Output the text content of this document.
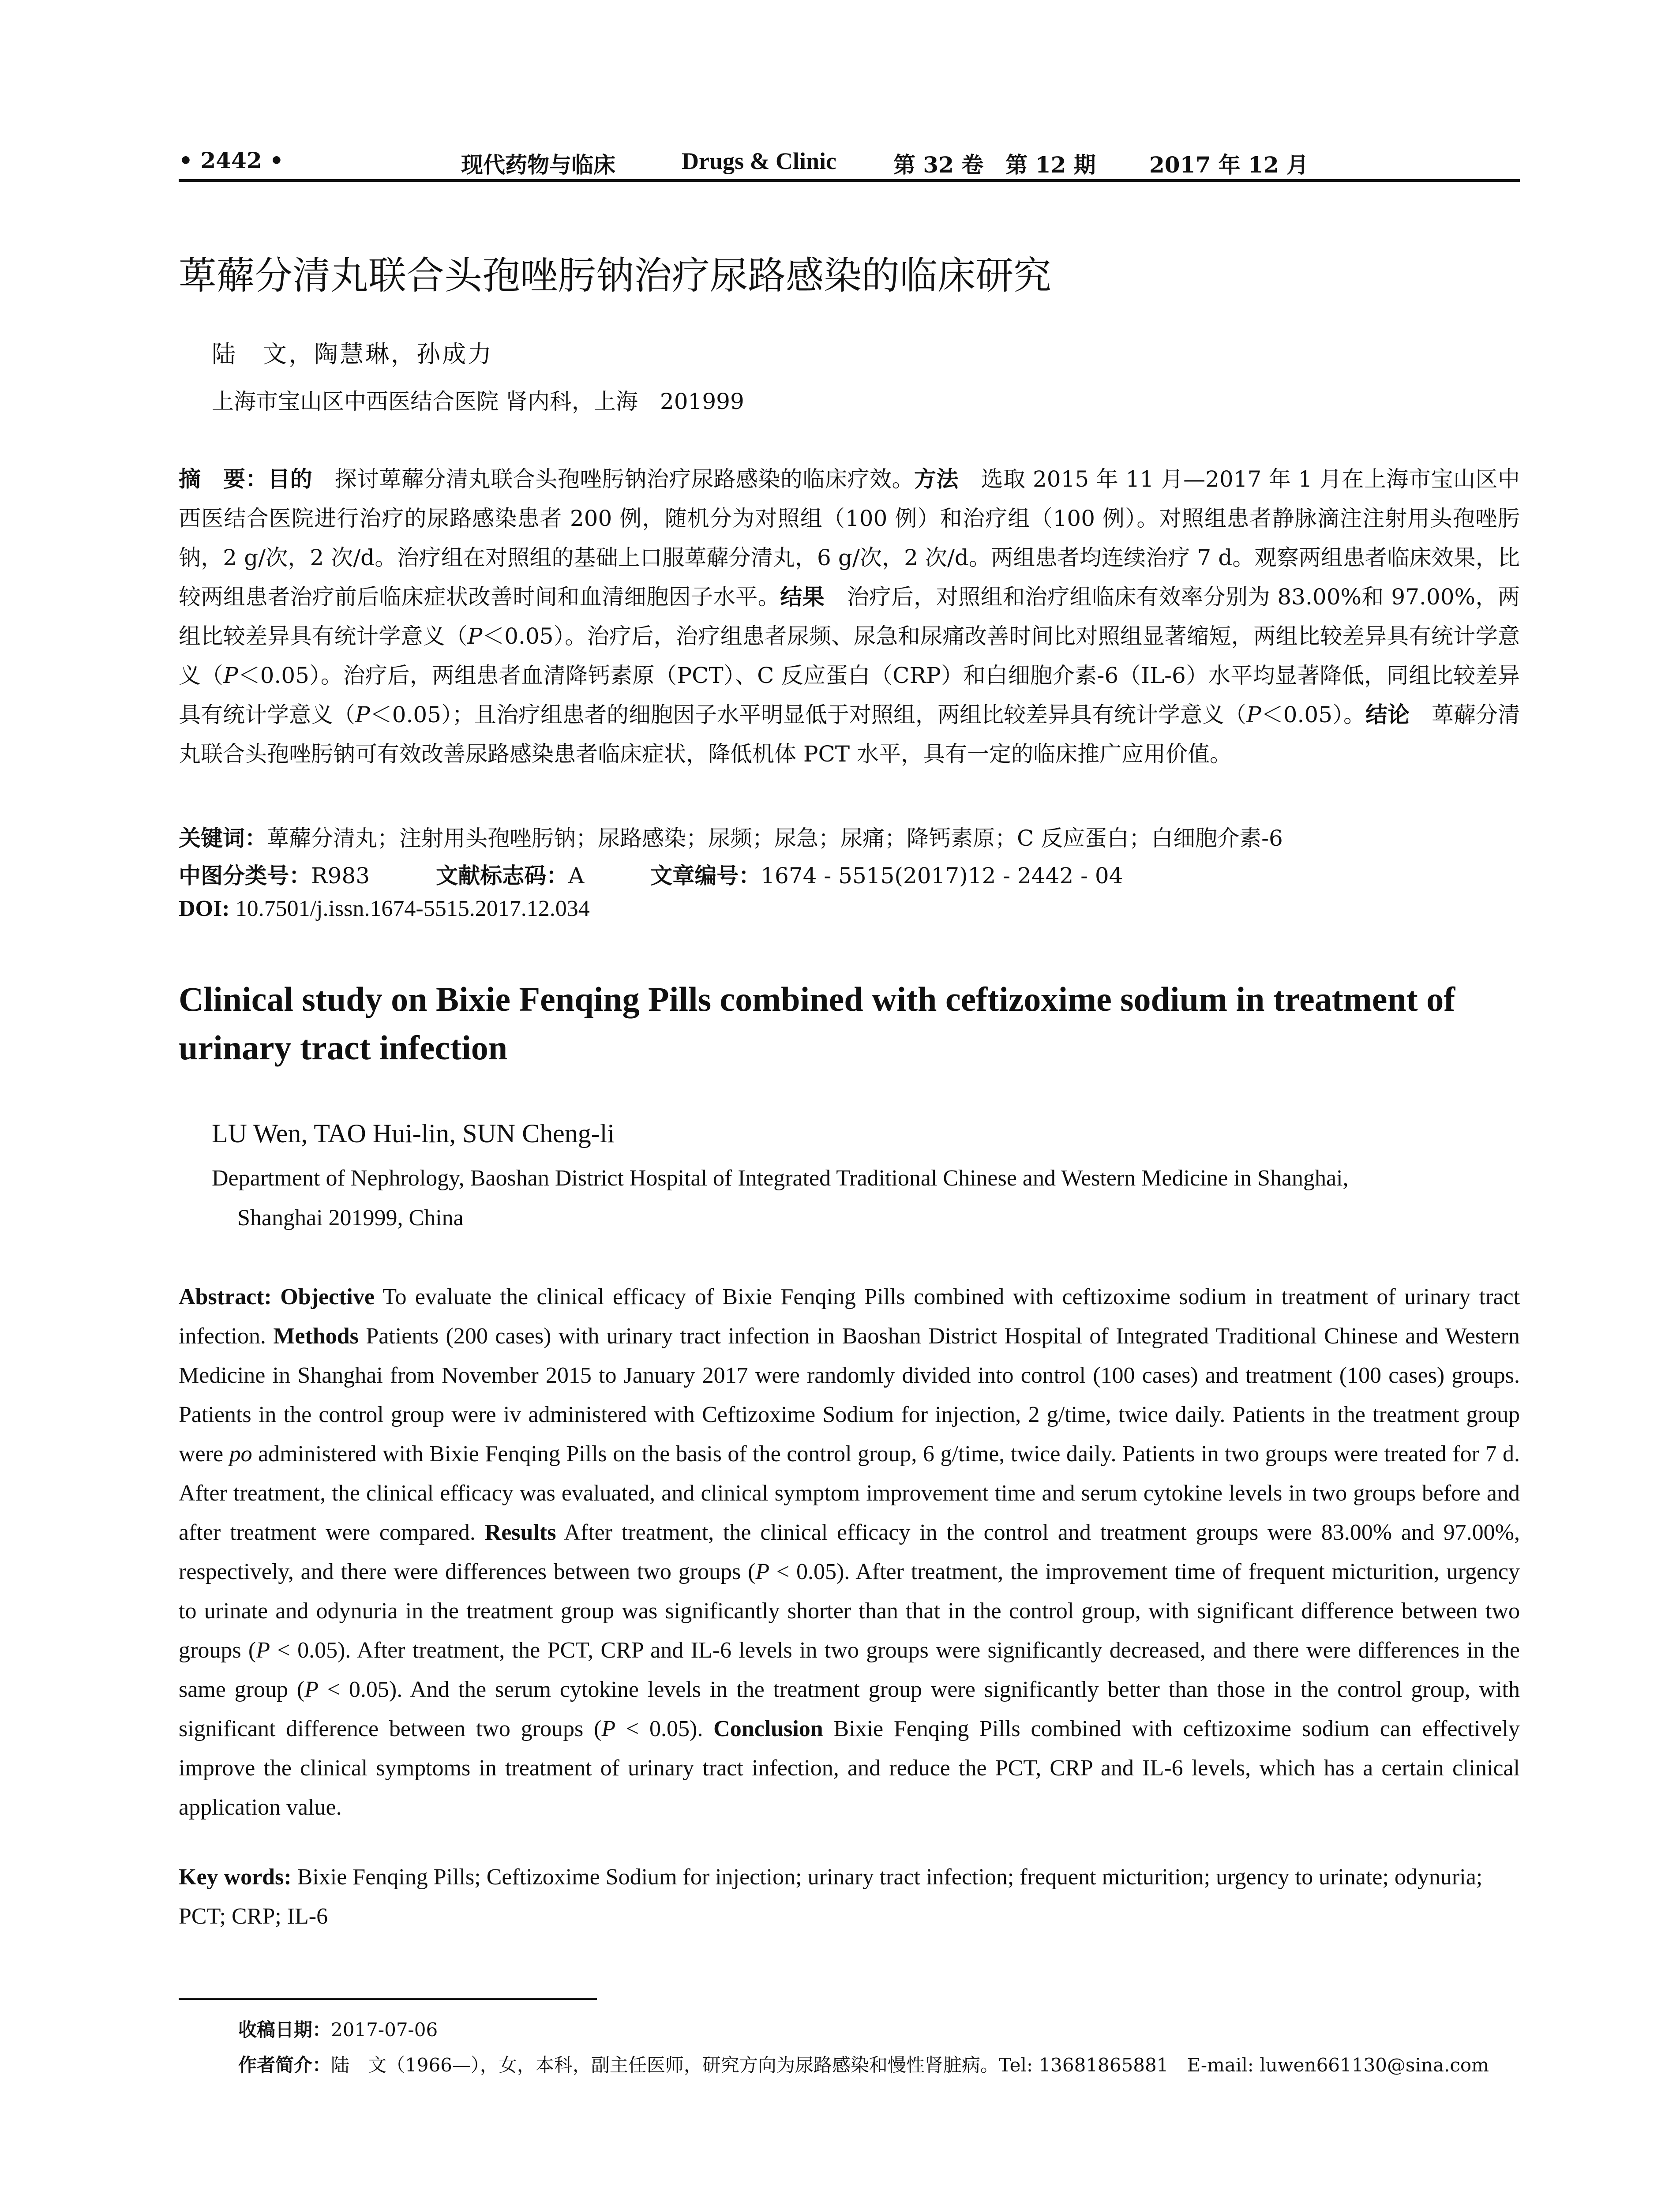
• 2442 •	现代药物与临床	Drugs & Clinic	第 32 卷　第 12 期 2017 年 12 月
萆薢分清丸联合头孢唑肟钠治疗尿路感染的临床研究
陆　文，陶慧琳，孙成力
上海市宝山区中西医结合医院 肾内科，上海　201999
摘　要：目的　探讨萆薢分清丸联合头孢唑肟钠治疗尿路感染的临床疗效。方法　选取 2015 年 11 月—2017 年 1 月在上海市宝山区中西医结合医院进行治疗的尿路感染患者 200 例，随机分为对照组（100 例）和治疗组（100 例）。对照组患者静脉滴注注射用头孢唑肟钠，2 g/次，2 次/d。治疗组在对照组的基础上口服萆薢分清丸，6 g/次，2 次/d。两组患者均连续治疗 7 d。观察两组患者临床效果，比较两组患者治疗前后临床症状改善时间和血清细胞因子水平。结果　治疗后，对照组和治疗组临床有效率分别为 83.00%和 97.00%，两组比较差异具有统计学意义（P＜0.05）。治疗后，治疗组患者尿频、尿急和尿痛改善时间比对照组显著缩短，两组比较差异具有统计学意义（P＜0.05）。治疗后，两组患者血清降钙素原（PCT）、C 反应蛋白（CRP）和白细胞介素-6（IL-6）水平均显著降低，同组比较差异具有统计学意义（P＜0.05）；且治疗组患者的细胞因子水平明显低于对照组，两组比较差异具有统计学意义（P＜0.05）。结论　萆薢分清丸联合头孢唑肟钠可有效改善尿路感染患者临床症状，降低机体 PCT 水平，具有一定的临床推广应用价值。
关键词：萆薢分清丸；注射用头孢唑肟钠；尿路感染；尿频；尿急；尿痛；降钙素原；C 反应蛋白；白细胞介素-6
中图分类号：R983	文献标志码：A	文章编号：1674 - 5515(2017)12 - 2442 - 04
DOI: 10.7501/j.issn.1674-5515.2017.12.034
Clinical study on Bixie Fenqing Pills combined with ceftizoxime sodium in treatment of urinary tract infection
LU Wen, TAO Hui-lin, SUN Cheng-li
Department of Nephrology, Baoshan District Hospital of Integrated Traditional Chinese and Western Medicine in Shanghai,
Shanghai 201999, China
Abstract: Objective To evaluate the clinical efficacy of Bixie Fenqing Pills combined with ceftizoxime sodium in treatment of urinary tract infection. Methods Patients (200 cases) with urinary tract infection in Baoshan District Hospital of Integrated Traditional Chinese and Western Medicine in Shanghai from November 2015 to January 2017 were randomly divided into control (100 cases) and treatment (100 cases) groups. Patients in the control group were iv administered with Ceftizoxime Sodium for injection, 2 g/time, twice daily. Patients in the treatment group were po administered with Bixie Fenqing Pills on the basis of the control group, 6 g/time, twice daily. Patients in two groups were treated for 7 d. After treatment, the clinical efficacy was evaluated, and clinical symptom improvement time and serum cytokine levels in two groups before and after treatment were compared. Results After treatment, the clinical efficacy in the control and treatment groups were 83.00% and 97.00%, respectively, and there were differences between two groups (P < 0.05). After treatment, the improvement time of frequent micturition, urgency to urinate and odynuria in the treatment group was significantly shorter than that in the control group, with significant difference between two groups (P < 0.05). After treatment, the PCT, CRP and IL-6 levels in two groups were significantly decreased, and there were differences in the same group (P < 0.05). And the serum cytokine levels in the treatment group were significantly better than those in the control group, with significant difference between two groups (P < 0.05). Conclusion Bixie Fenqing Pills combined with ceftizoxime sodium can effectively improve the clinical symptoms in treatment of urinary tract infection, and reduce the PCT, CRP and IL-6 levels, which has a certain clinical application value.
Key words: Bixie Fenqing Pills; Ceftizoxime Sodium for injection; urinary tract infection; frequent micturition; urgency to urinate; odynuria; PCT; CRP; IL-6
收稿日期：2017-07-06
作者简介：陆　文（1966—），女，本科，副主任医师，研究方向为尿路感染和慢性肾脏病。Tel: 13681865881　E-mail: luwen661130@sina.com
